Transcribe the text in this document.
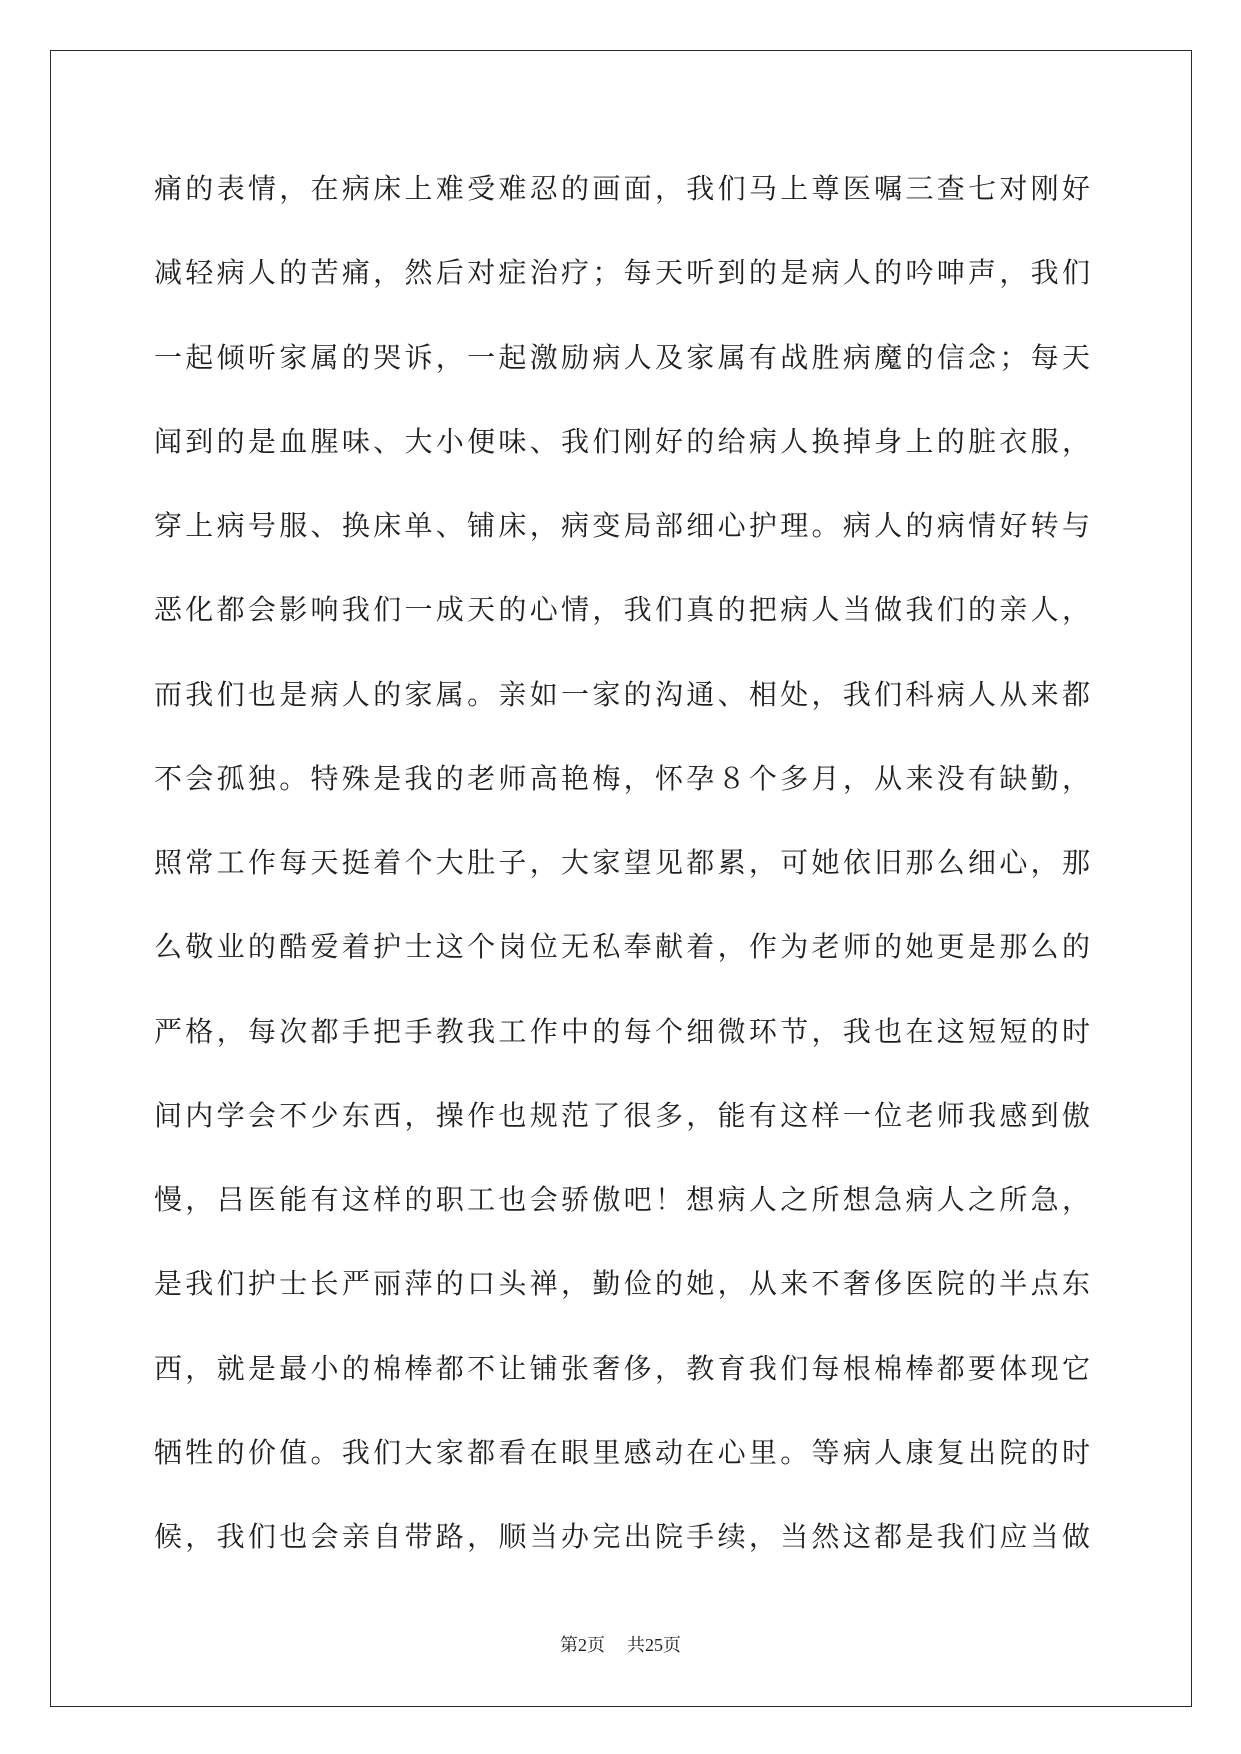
痛的表情，在病床上难受难忍的画面，我们马上尊医嘱三查七对刚好
减轻病人的苦痛，然后对症治疗；每天听到的是病人的吟呻声，我们
一起倾听家属的哭诉，一起激励病人及家属有战胜病魔的信念；每天
闻到的是血腥味、大小便味、我们刚好的给病人换掉身上的脏衣服，
穿上病号服、换床单、铺床，病变局部细心护理。病人的病情好转与
恶化都会影响我们一成天的心情，我们真的把病人当做我们的亲人，
而我们也是病人的家属。亲如一家的沟通、相处，我们科病人从来都
不会孤独。特殊是我的老师高艳梅，怀孕８个多月，从来没有缺勤，
照常工作每天挺着个大肚子，大家望见都累，可她依旧那么细心，那
么敬业的酷爱着护士这个岗位无私奉献着，作为老师的她更是那么的
严格，每次都手把手教我工作中的每个细微环节，我也在这短短的时
间内学会不少东西，操作也规范了很多，能有这样一位老师我感到傲
慢，吕医能有这样的职工也会骄傲吧！想病人之所想急病人之所急，
是我们护士长严丽萍的口头禅，勤俭的她，从来不奢侈医院的半点东
西，就是最小的棉棒都不让铺张奢侈，教育我们每根棉棒都要体现它
牺牲的价值。我们大家都看在眼里感动在心里。等病人康复出院的时
候，我们也会亲自带路，顺当办完出院手续，当然这都是我们应当做
第2页 共25页
